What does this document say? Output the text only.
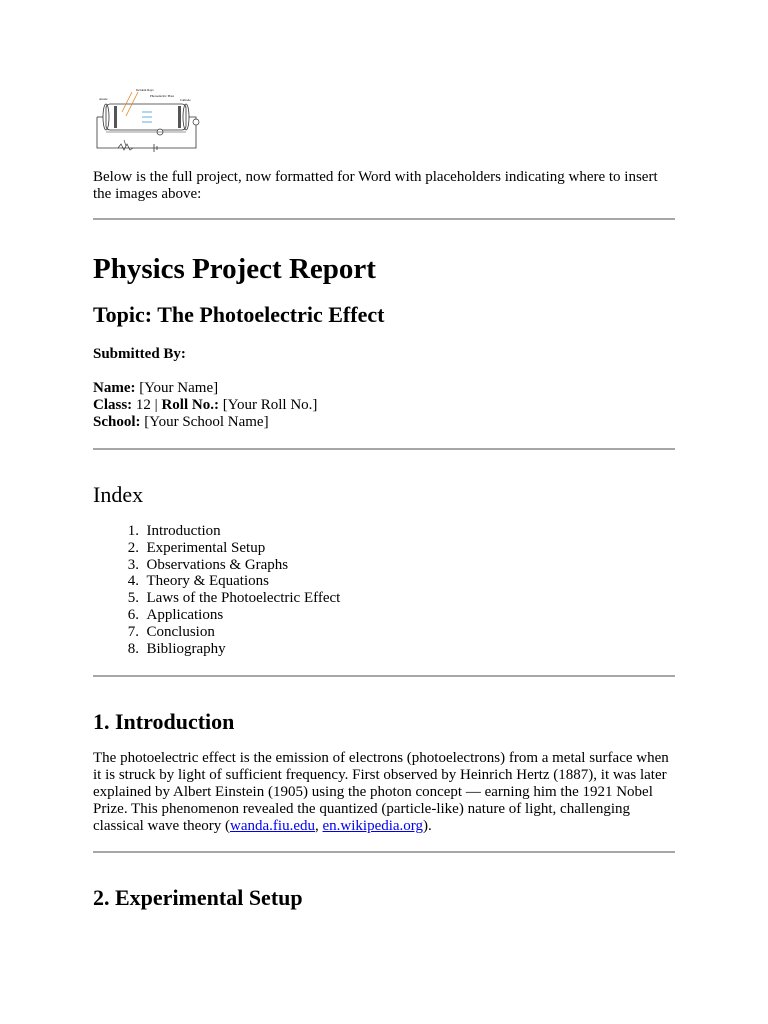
Anode
Incident Rays
Photoelectric Plate
Cathode
Below is the full project, now formatted for Word with placeholders indicating where to insert the images above:
Physics Project Report
Topic: The Photoelectric Effect
Submitted By:
Name: [Your Name]
Class: 12 | Roll No.: [Your Roll No.]
School: [Your School Name]
Index
1.
Introduction
2.
Experimental Setup
3.
Observations & Graphs
4.
Theory & Equations
5.
Laws of the Photoelectric Effect
6.
Applications
7.
Conclusion
8.
Bibliography
1. Introduction
The photoelectric effect is the emission of electrons (photoelectrons) from a metal surface when it is struck by light of sufficient frequency. First observed by Heinrich Hertz (1887), it was later explained by Albert Einstein (1905) using the photon concept — earning him the 1921 Nobel Prize. This phenomenon revealed the quantized (particle-like) nature of light, challenging classical wave theory (wanda.fiu.edu, en.wikipedia.org).
2. Experimental Setup
